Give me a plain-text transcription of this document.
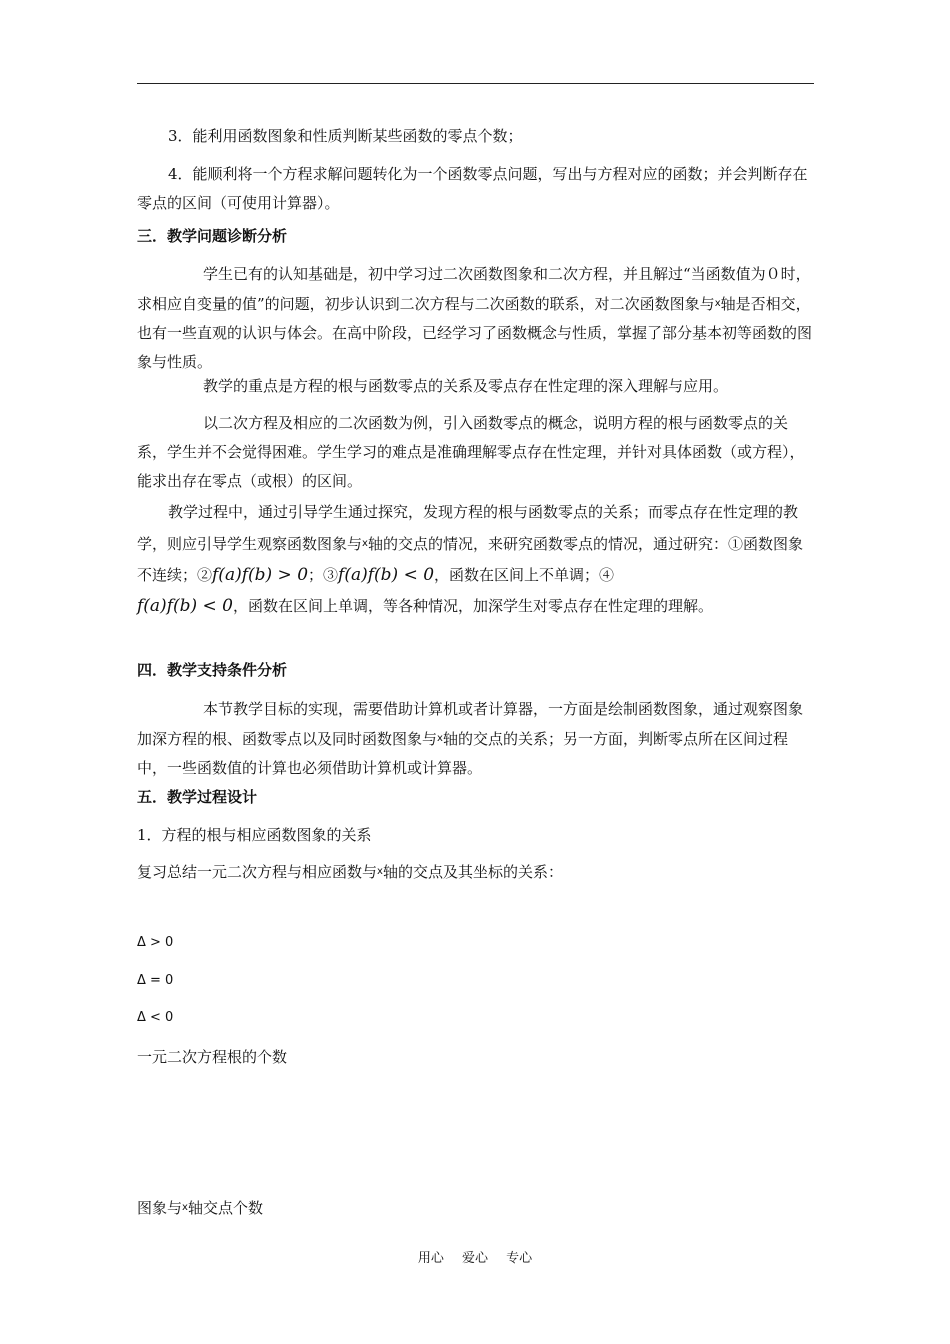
3．能利用函数图象和性质判断某些函数的零点个数；

4．能顺利将一个方程求解问题转化为一个函数零点问题，写出与方程对应的函数；并会判断存在零点的区间（可使用计算器）。

三．教学问题诊断分析

学生已有的认知基础是，初中学习过二次函数图象和二次方程，并且解过“当函数值为０时，求相应自变量的值”的问题，初步认识到二次方程与二次函数的联系，对二次函数图象与$^x$轴是否相交，也有一些直观的认识与体会。在高中阶段，已经学习了函数概念与性质，掌握了部分基本初等函数的图象与性质。

教学的重点是方程的根与函数零点的关系及零点存在性定理的深入理解与应用。

以二次方程及相应的二次函数为例，引入函数零点的概念，说明方程的根与函数零点的关系，学生并不会觉得困难。学生学习的难点是准确理解零点存在性定理，并针对具体函数（或方程），能求出存在零点（或根）的区间。

教学过程中，通过引导学生通过探究，发现方程的根与函数零点的关系；而零点存在性定理的教学，则应引导学生观察函数图象与$^x$轴的交点的情况，来研究函数零点的情况，通过研究：①函数图象不连续；②f(a)f(b) > 0；③f(a)f(b) < 0，函数在区间上不单调；④
f(a)f(b) < 0，函数在区间上单调，等各种情况，加深学生对零点存在性定理的理解。

四．教学支持条件分析

本节教学目标的实现，需要借助计算机或者计算器，一方面是绘制函数图象，通过观察图象加深方程的根、函数零点以及同时函数图象与$^x$轴的交点的关系；另一方面，判断零点所在区间过程中，一些函数值的计算也必须借助计算机或计算器。

五．教学过程设计

1．方程的根与相应函数图象的关系

复习总结一元二次方程与相应函数与$^x$轴的交点及其坐标的关系：

Δ > 0

Δ = 0

Δ < 0

一元二次方程根的个数

图象与$^x$轴交点个数

用心 爱心 专心
